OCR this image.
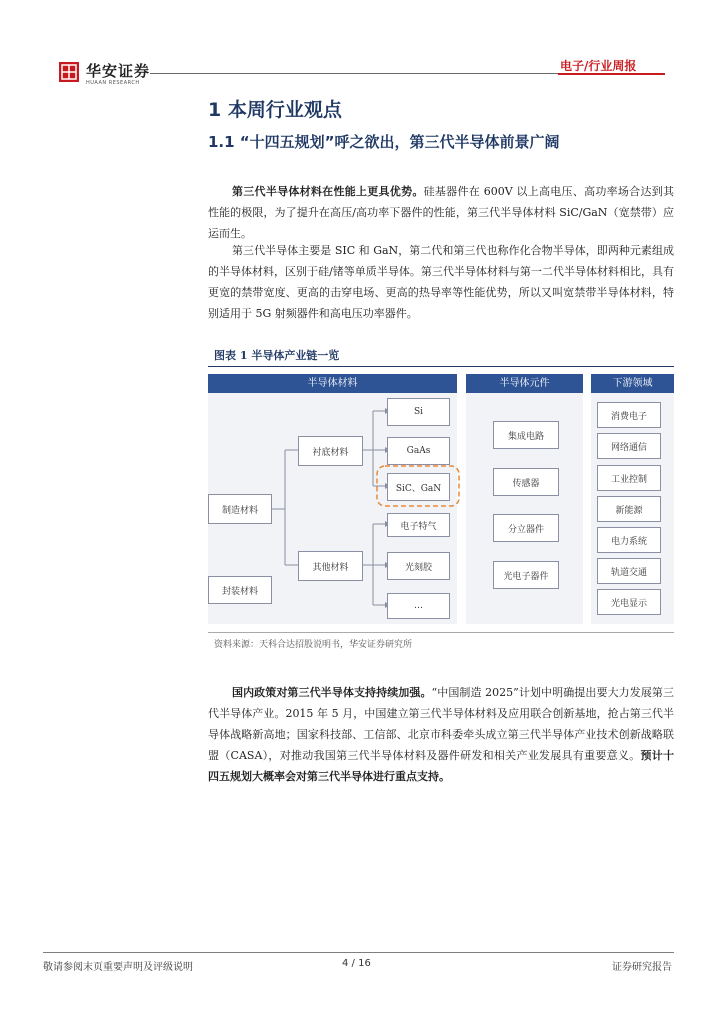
华安证券
HUAAN RESEARCH
电子/行业周报
1 本周行业观点
1.1 “十四五规划”呼之欲出，第三代半导体前景广阔
第三代半导体材料在性能上更具优势。硅基器件在 600V 以上高电压、高功率场合达到其性能的极限，为了提升在高压/高功率下器件的性能，第三代半导体材料 SiC/GaN（宽禁带）应运而生。
第三代半导体主要是 SIC 和 GaN，第二代和第三代也称作化合物半导体，即两种元素组成的半导体材料，区别于硅/锗等单质半导体。第三代半导体材料与第一二代半导体材料相比，具有更宽的禁带宽度、更高的击穿电场、更高的热导率等性能优势，所以又叫宽禁带半导体材料，特别适用于 5G 射频器件和高电压功率器件。
图表 1 半导体产业链一览
半导体材料	半导体元件	下游领域
制造材料
封装材料
衬底材料
其他材料
Si
GaAs
SiC、GaN
电子特气
光刻胶
…
集成电路
传感器
分立器件
光电子器件
消费电子
网络通信
工业控制
新能源
电力系统
轨道交通
光电显示
资料来源：天科合达招股说明书，华安证券研究所
国内政策对第三代半导体支持持续加强。“中国制造 2025”计划中明确提出要大力发展第三代半导体产业。2015 年 5 月，中国建立第三代半导体材料及应用联合创新基地，抢占第三代半导体战略新高地；国家科技部、工信部、北京市科委牵头成立第三代半导体产业技术创新战略联盟（CASA），对推动我国第三代半导体材料及器件研发和相关产业发展具有重要意义。预计十四五规划大概率会对第三代半导体进行重点支持。
敬请参阅末页重要声明及评级说明	4 / 16	证券研究报告
